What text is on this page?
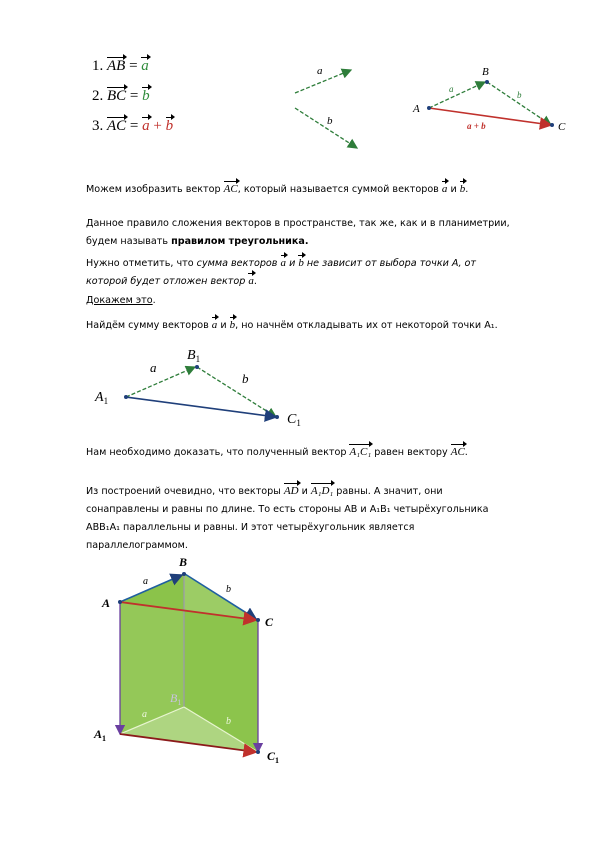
1. AB = a
2. BC = b
3. AC = a + b
a
b
A
B
C
a
b
a + b
Можем изобразить вектор AC, который называется суммой векторов a и b.
Данное правило сложения векторов в пространстве, так же, как и в планиметрии,
будем называть правилом треугольника.
Нужно отметить, что сумма векторов a и b не зависит от выбора точки А, от
которой будет отложен вектор a.
Докажем это.
Найдём сумму векторов a и b, но начнём откладывать их от некоторой точки А₁.
$A_1$
$B_1$
$C_1$
a
b
Нам необходимо доказать, что полученный вектор A₁C₁ равен вектору AC.
Из построений очевидно, что векторы AD и A₁D₁ равны. А значит, они
сонаправлены и равны по длине. То есть стороны АВ и А₁В₁ четырёхугольника
АВВ₁А₁ параллельны и равны. И этот четырёхугольник является
параллелограммом.
A
B
C
$A_1$
$B_1$
$C_1$
a
b
a
b
